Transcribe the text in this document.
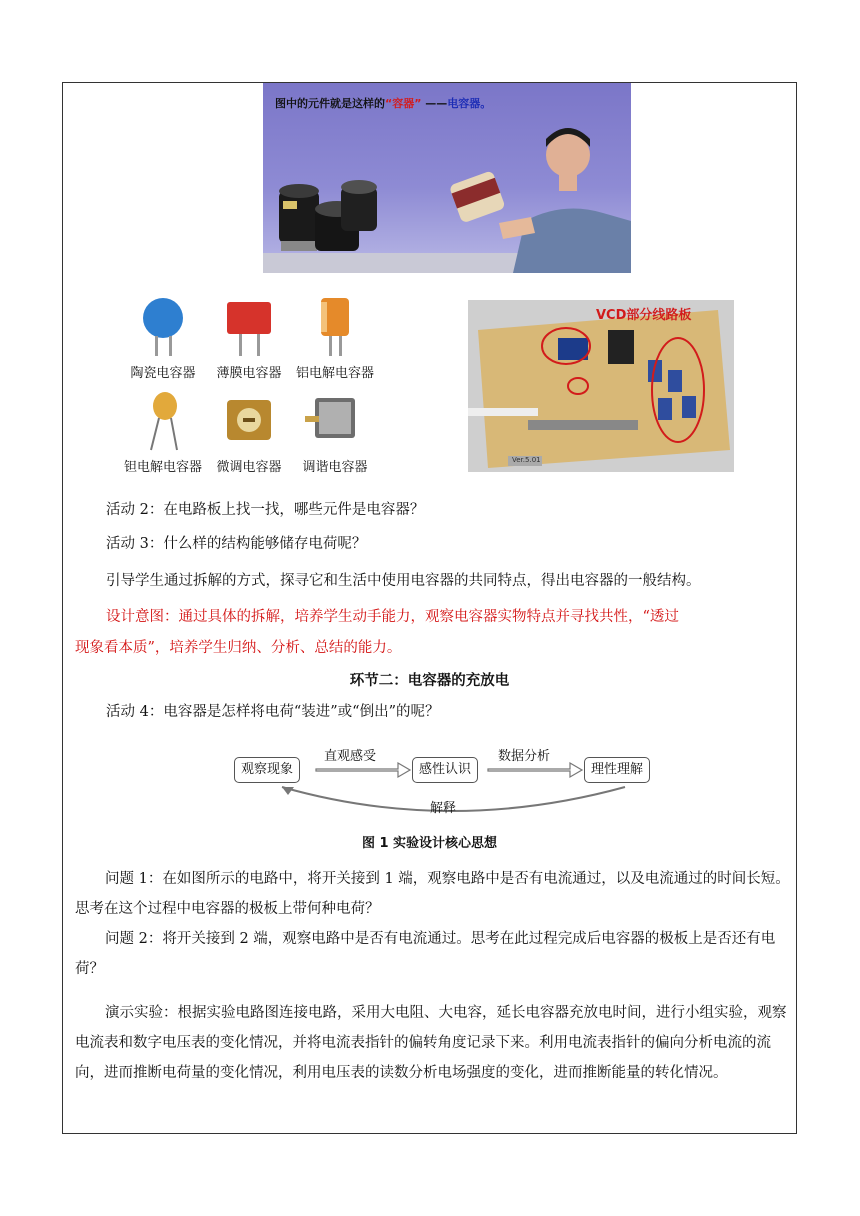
图中的元件就是这样的“容器” ——电容器。
陶瓷电容器	薄膜电容器	铝电解电容器
钽电解电容器	微调电容器	调谐电容器
VCD部分线路板
Ver.5.01
活动 2：在电路板上找一找，哪些元件是电容器？
活动 3：什么样的结构能够储存电荷呢？
引导学生通过拆解的方式，探寻它和生活中使用电容器的共同特点，得出电容器的一般结构。
设计意图：通过具体的拆解，培养学生动手能力，观察电容器实物特点并寻找共性，“透过
现象看本质”，培养学生归纳、分析、总结的能力。
环节二：电容器的充放电
活动 4：电容器是怎样将电荷“装进”或“倒出”的呢？
观察现象	感性认识	理性理解
直观感受	数据分析
解释
图 1 实验设计核心思想
问题 1：在如图所示的电路中，将开关接到 1 端，观察电路中是否有电流通过，以及电流通过的时间长短。思考在这个过程中电容器的极板上带何种电荷？
问题 2：将开关接到 2 端，观察电路中是否有电流通过。思考在此过程完成后电容器的极板上是否还有电荷？
演示实验：根据实验电路图连接电路，采用大电阻、大电容，延长电容器充放电时间，进行小组实验，观察电流表和数字电压表的变化情况，并将电流表指针的偏转角度记录下来。利用电流表指针的偏向分析电流的流向，进而推断电荷量的变化情况，利用电压表的读数分析电场强度的变化，进而推断能量的转化情况。
